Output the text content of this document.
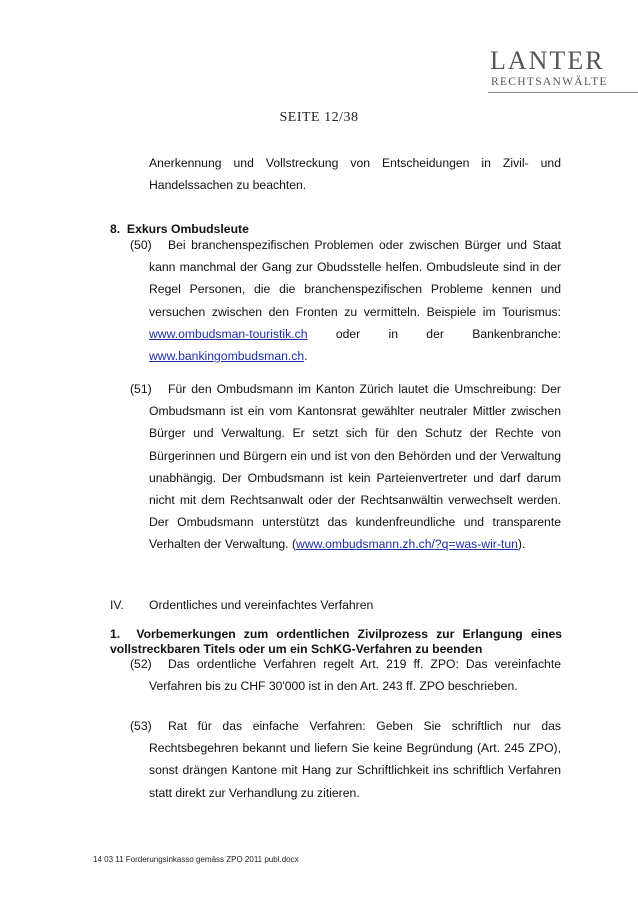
LANTER
RECHTSANWÄLTE
SEITE 12/38
Anerkennung und Vollstreckung von Entscheidungen in Zivil- und
Handelssachen zu beachten.
8.  Exkurs Ombudsleute
(50)	Bei branchenspezifischen Problemen oder zwischen Bürger und Staat kann manchmal der Gang zur Obudsstelle helfen. Ombudsleute sind in der Regel Personen, die die branchenspezifischen Probleme kennen und versuchen zwischen den Fronten zu vermitteln. Beispiele im Tourismus: www.ombudsman-touristik.ch oder in der Bankenbranche: www.bankingombudsman.ch.
(51)	Für den Ombudsmann im Kanton Zürich lautet die Umschreibung: Der Ombudsmann ist ein vom Kantonsrat gewählter neutraler Mittler zwischen Bürger und Verwaltung. Er setzt sich für den Schutz der Rechte von Bürgerinnen und Bürgern ein und ist von den Behörden und der Verwaltung unabhängig. Der Ombudsmann ist kein Parteienvertreter und darf darum nicht mit dem Rechtsanwalt oder der Rechtsanwältin verwechselt werden. Der Ombudsmann unterstützt das kundenfreundliche und transparente Verhalten der Verwaltung. (www.ombudsmann.zh.ch/?q=was-wir-tun).
IV. Ordentliches und vereinfachtes Verfahren
1.  Vorbemerkungen zum ordentlichen Zivilprozess zur Erlangung eines vollstreckbaren Titels oder um ein SchKG-Verfahren zu beenden
(52)	Das ordentliche Verfahren regelt Art. 219 ff. ZPO: Das vereinfachte Verfahren bis zu CHF 30'000 ist in den Art. 243 ff. ZPO beschrieben.
(53)	Rat für das einfache Verfahren: Geben Sie schriftlich nur das Rechtsbegehren bekannt und liefern Sie keine Begründung (Art. 245 ZPO), sonst drängen Kantone mit Hang zur Schriftlichkeit ins schriftlich Verfahren statt direkt zur Verhandlung zu zitieren.
14 03 11 Forderungsinkasso gemäss ZPO 2011 publ.docx
